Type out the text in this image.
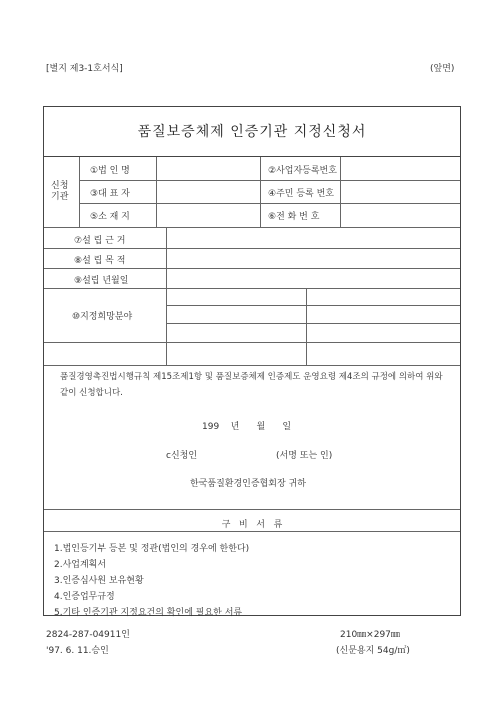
[별지 제3-1호서식]	(앞면)
품질보증체제 인증기관 지정신청서
신청
기관
①법 인 명	②사업자등록번호
③대 표 자	④주민 등록 번호
⑤소 재 지	⑥전 화 번 호
⑦설 립 근 거
⑧설 립 목 적
⑨설립 년월일
⑩지정희망분야
품질경영촉진법시행규칙 제15조제1항 및 품질보증체제 인증제도 운영요령 제4조의 규정에 의하여 위와 같이 신청합니다.
199    년      월      일
c신청인	(서명 또는 인)
한국품질환경인증협회장 귀하
구   비   서   류
1.법인등기부 등본 및 정관(법인의 경우에 한한다)
2.사업계획서
3.인증심사원 보유현황
4.인증업무규정
5.기타 인증기관 지정요건의 확인에 필요한 서류
2824-287-04911인	210㎜×297㎜
'97. 6. 11.승인	(신문용지 54g/㎡)
